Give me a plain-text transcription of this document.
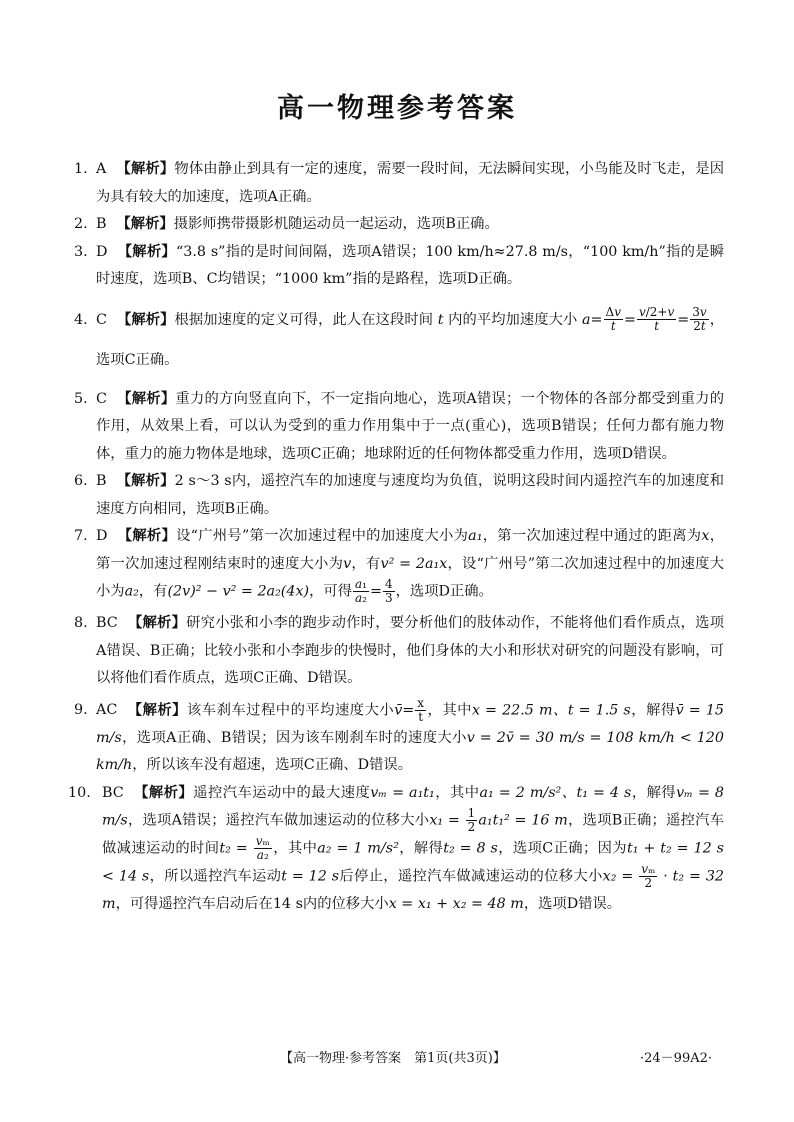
高一物理参考答案
1. A 【解析】物体由静止到具有一定的速度，需要一段时间，无法瞬间实现，小鸟能及时飞走，是因为具有较大的加速度，选项A正确。
2. B 【解析】摄影师携带摄影机随运动员一起运动，选项B正确。
3. D 【解析】“3.8 s”指的是时间间隔，选项A错误；100 km/h≈27.8 m/s，“100 km/h”指的是瞬时速度，选项B、C均错误；“1000 km”指的是路程，选项D正确。
4. C 【解析】根据加速度的定义可得，此人在这段时间 t 内的平均加速度大小 $a= \frac{\Delta v}{t} = \frac{v/2+v}{t} = \frac{3v}{2t}$ ，选项C正确。
5. C 【解析】重力的方向竖直向下，不一定指向地心，选项A错误；一个物体的各部分都受到重力的作用，从效果上看，可以认为受到的重力作用集中于一点(重心)，选项B错误；任何力都有施力物体，重力的施力物体是地球，选项C正确；地球附近的任何物体都受重力作用，选项D错误。
6. B 【解析】2 s～3 s内，遥控汽车的加速度与速度均为负值，说明这段时间内遥控汽车的加速度和速度方向相同，选项B正确。
7. D 【解析】设“广州号”第一次加速过程中的加速度大小为a₁，第一次加速过程中通过的距离为x，第一次加速过程刚结束时的速度大小为v，有v² = 2a₁x，设“广州号”第二次加速过程中的加速度大小为a₂，有(2v)² − v² = 2a₂(4x)，可得 $\frac{\text{a₁}}{\text{a₂}} = \frac{4}{3}$ ，选项D正确。
8. BC 【解析】研究小张和小李的跑步动作时，要分析他们的肢体动作，不能将他们看作质点，选项A错误、B正确；比较小张和小李跑步的快慢时，他们身体的大小和形状对研究的问题没有影响，可以将他们看作质点，选项C正确、D错误。
9. AC 【解析】该车刹车过程中的平均速度大小v̄= $\frac{x}{t}$ ，其中x = 22.5 m、t = 1.5 s，解得v̄ = 15 m/s，选项A正确、B错误；因为该车刚刹车时的速度大小v = 2v̄ = 30 m/s = 108 km/h < 120 km/h，所以该车没有超速，选项C正确、D错误。
10. BC 【解析】遥控汽车运动中的最大速度vₘ = a₁t₁，其中a₁ = 2 m/s²、t₁ = 4 s，解得vₘ = 8 m/s，选项A错误；遥控汽车做加速运动的位移大小$x_1 = \frac{1}{2} a_1t_1^2 = 16$ m，选项B正确；遥控汽车做减速运动的时间$t_2 = \frac{\text{vₘ}}{\text{a₂}}$ ，其中a₂ = 1 m/s²，解得t₂ = 8 s，选项C正确；因为t₁ + t₂ = 12 s < 14 s，所以遥控汽车运动t = 12 s后停止，遥控汽车做减速运动的位移大小$x_2 = \frac{\text{vₘ}}{2} \cdot t_2 = 32$ m，可得遥控汽车启动后在14 s内的位移大小x = x₁ + x₂ = 48 m，选项D错误。
【高一物理·参考答案　第1页(共3页)】	·24－99A2·
